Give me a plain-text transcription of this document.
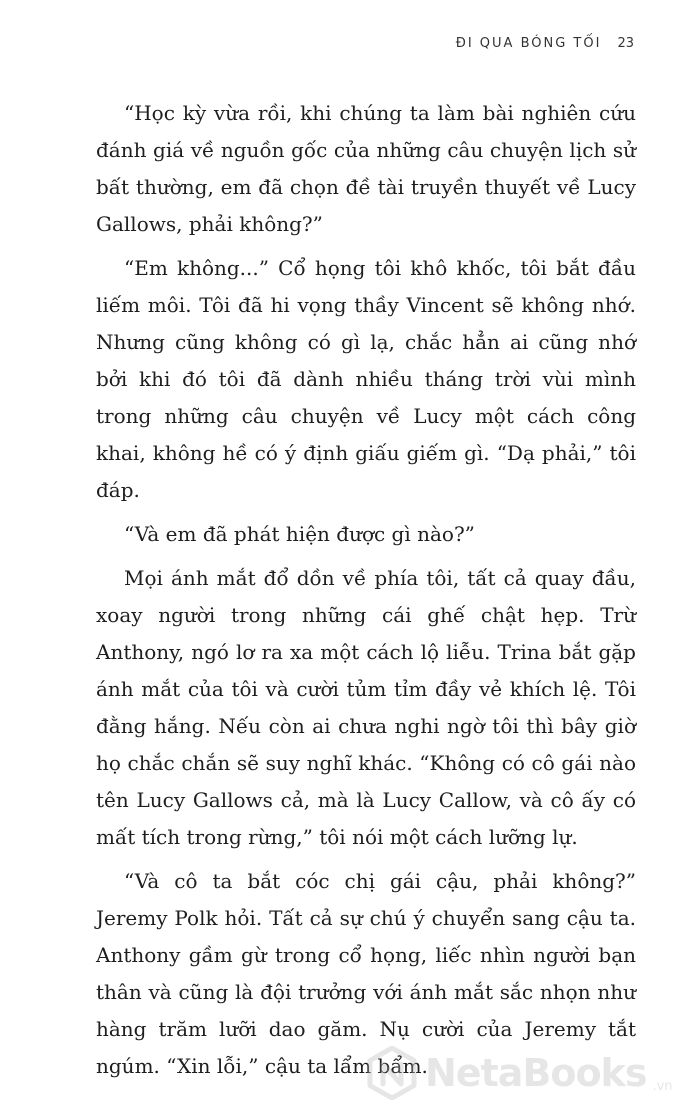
ĐI QUA BÓNG TỐI 23

“Học kỳ vừa rồi, khi chúng ta làm bài nghiên cứu đánh giá về nguồn gốc của những câu chuyện lịch sử bất thường, em đã chọn đề tài truyền thuyết về Lucy Gallows, phải không?”

“Em không...” Cổ họng tôi khô khốc, tôi bắt đầu liếm môi. Tôi đã hi vọng thầy Vincent sẽ không nhớ. Nhưng cũng không có gì lạ, chắc hẳn ai cũng nhớ bởi khi đó tôi đã dành nhiều tháng trời vùi mình trong những câu chuyện về Lucy một cách công khai, không hề có ý định giấu giếm gì. “Dạ phải,” tôi đáp.

“Và em đã phát hiện được gì nào?”

Mọi ánh mắt đổ dồn về phía tôi, tất cả quay đầu, xoay người trong những cái ghế chật hẹp. Trừ Anthony, ngó lơ ra xa một cách lộ liễu. Trina bắt gặp ánh mắt của tôi và cười tủm tỉm đầy vẻ khích lệ. Tôi đằng hắng. Nếu còn ai chưa nghi ngờ tôi thì bây giờ họ chắc chắn sẽ suy nghĩ khác. “Không có cô gái nào tên Lucy Gallows cả, mà là Lucy Callow, và cô ấy có mất tích trong rừng,” tôi nói một cách lưỡng lự.

“Và cô ta bắt cóc chị gái cậu, phải không?” Jeremy Polk hỏi. Tất cả sự chú ý chuyển sang cậu ta. Anthony gầm gừ trong cổ họng, liếc nhìn người bạn thân và cũng là đội trưởng với ánh mắt sắc nhọn như hàng trăm lưỡi dao găm. Nụ cười của Jeremy tắt ngúm. “Xin lỗi,” cậu ta lẩm bẩm.

NetaBooks .vn
